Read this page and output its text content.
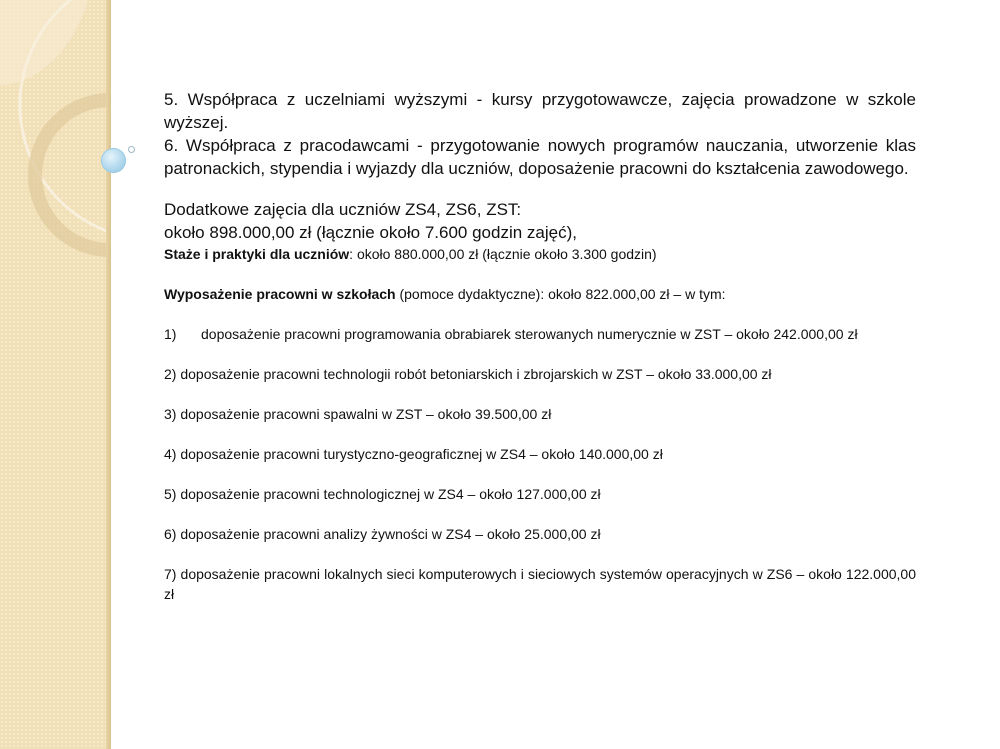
5. Współpraca z uczelniami wyższymi - kursy przygotowawcze, zajęcia prowadzone w szkole wyższej.

6. Współpraca z pracodawcami - przygotowanie nowych programów nauczania, utworzenie klas patronackich, stypendia i wyjazdy dla uczniów, doposażenie pracowni do kształcenia zawodowego.

Dodatkowe zajęcia dla uczniów ZS4, ZS6, ZST:

około 898.000,00 zł (łącznie około 7.600 godzin zajęć),

Staże i praktyki dla uczniów: około 880.000,00 zł (łącznie około 3.300 godzin)

Wyposażenie pracowni w szkołach (pomoce dydaktyczne): około 822.000,00 zł – w tym:

1)	doposażenie pracowni programowania obrabiarek sterowanych numerycznie w ZST – około 242.000,00 zł

2) doposażenie pracowni technologii robót betoniarskich i zbrojarskich w ZST – około 33.000,00 zł

3) doposażenie pracowni spawalni w ZST – około 39.500,00 zł

4) doposażenie pracowni turystyczno-geograficznej w ZS4 – około 140.000,00 zł

5) doposażenie pracowni technologicznej w ZS4 – około 127.000,00 zł

6) doposażenie pracowni analizy żywności w ZS4 – około 25.000,00 zł

7) doposażenie pracowni lokalnych sieci komputerowych i sieciowych systemów operacyjnych w ZS6 – około 122.000,00 zł
